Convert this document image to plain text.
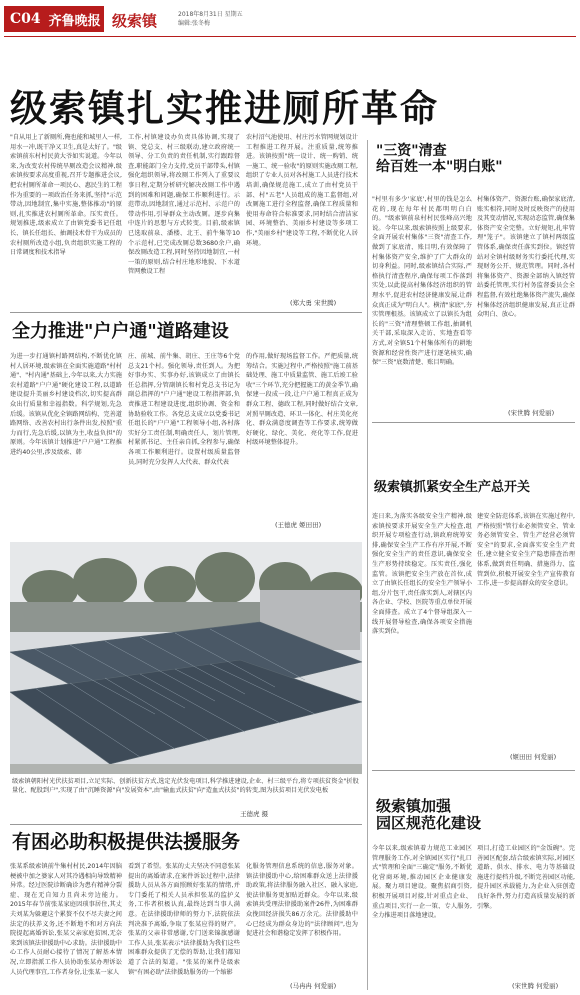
C04 齐鲁晚报 级索镇	2018年8月31日 星期五
编辑:张冬梅
级索镇扎实推进厕所革命
"自从用上了新厕所,俺也能和城里人一样,用水一冲,既干净又卫生,真是太好了。"级索镇前东村村民黄大爷如实说道。今年以来,为改变农村传统旱厕改造会议精神,级索镇按要求高度重视,召开专题推进会议,把农村厕所革命一项民心、惠民生的工程作为重要的一项政治任务来抓,坚持"示范带动,因地制宜,集中实施,整体推动"的原则,扎实推进农村厕所革命。压实责任。规划推进,级索成立了由镇党委书记任组长、镇长任组长、抽调技术骨干为成员的农村厕所改造小组,负责组织实施工程的日常调度和技术指导
工作,村镇建设办负责具体协调,实现了镇、党总支、村三级联动,建立政府统一领导、分工负责的责任机制,实行跟踪督查,职能部门全力支持,党员干部带头,村镇强化组织领导,将改厕工作列入了重要议事日程,定期分析研究解决改厕工作中遇到的困难和问题,确保工作顺利进行。示范带动,因地制宜,通过示范村、示范户的带动作用,引导群众主动改厕。逐步向集中连片的思想与方式转变。目前,级索镇已选取前泉、潘楼、北王、前牛集等10个示范村,已完成改厕总数3680余户,确保改厕改造工程,同时坚持因地制宜,一村一策的原则,结合村庄地形地貌、下水道管网敷设工程
农村沼气池使用、村庄污水管网规划设计工程推进工程开展。注重质量,统筹推进。该镇按照"统一设计、统一购销、统一施工、统一验收"的原则实施改厕工程,组织了专业人员对各村施工人员进行技术培训,确保规范施工,成立了由村党员干部、村"五老"人员组成的施工监督组,对改厕施工进行全程监督,确保工程质量和使用寿命符合标准要求,同时结合清洁家园、环境整治、美丽乡村建设等多项工作,"美丽乡村"建设等工程,不断优化人居环境。
(郑大勇 宋世腾)
全力推进"户户通"道路建设
为进一步打通镇村路网结构,不断优化镇村人居环境,级索镇在全面实施道路"村村通"、"村内通"基础上,今年以来,大力实施农村道路"户户通"硬化建设工程,以道路建设提升美丽乡村建设档次,切实提高群众出行质量和幸福指数。科学规划,先急后缓。该镇从优化全镇路网结构、完善道路网络、改善农村出行条件出发,按照"重力而行,先急后缓,以镇为主,收益负担"的原则。今年该镇计划推进"户户通"工程推进约40公里,涉及级索、韩
庄、前城、前牛集、胡庄、王庄等6个党总支21个村。强化领导,责任到人。为把好事办实、实事办好,该镇成立了由镇长任总指挥,分管副镇长和村党总支书记为副总指挥的"户户通"建设工程指挥部,负责推进工程建设进度,组织协调、资金和协助验收工作。各党总支成立以党委书记任组长的"户户通"工程领导小组,各村落实好分工责任制,明确责任人、划片管理,村紧抓书记、主任亲自抓,全程参与,确保各项工作顺利进行。设置村级质量监督员,同时充分发挥人大代表、群众代表
的作用,做好现场监督工作。严把质量,统筹结合。实施过程中,严格按照"施工前基础处理、施工中质量监管、施工后竣工验收"三个环节,充分把握施工的黄金季节,确保建一段成一段,让户户通工程真正成为群众工程、德政工程,同时做好结合文章,对照旱厕改造、环卫一体化、村庄美化亮化、群众满意度调查等工作要求,统筹做好硬化、绿化、美化、亮化等工作,促进村级环境整体提升。
(王德虎 姬田田)
级索镇朝阳村光伏扶贫项目,立足实际、创新扶贫方式,选定光伏发电项目,科学推进建设,企业、村三级平台,将专项扶贫资金"折股量化、配股到户",实现了由"沉睡资源"向"发展资本",由"输血式扶贫"向"造血式扶贫"的转变,图为扶贫项目光伏发电板
王德虎 摄
有困必助积极提供法援服务
张某系级索镇前牛集村村民,2014年因脑梗被中加之婆家人对其冷遇相向导致精神异常。经过医院诊断确诊为患有精神分裂症、现在无自知力且尚未旁边能力。2015年春节前张某家庭因琐事居住,其丈夫刘某为躲避这个累赘不仅不尽夫妻之间法定的扶养义务,还不断地不和对方向法院提起离婚诉讼,张某父亲家庭贫困,无奈来到该镇法律援助中心求助。法律援助中心工作人员耐心接待了情况了解基本情况,立即指派工作人员协助张某办理诉讼人员代理事宜,工作者身份,让张某一家人
看到了希望。张某的丈夫坚决不同意张某提出的离婚请求,在案件诉讼过程中,法律援助人员从各方面照顾好张某的情绪,并专门委托了相关人员承担张某的监护义务,工作者积极认真,最终达到当事人满意。在法律援助律师的努力下,法院依法判决准予离婚,争取了张某应得的财产。张某的父亲非常感谢,专门送来锦旗感谢工作人员,张某表示"法律援助为我们这些困难群众提供了无偿的帮助,让我们都知道了合法的渠道。"张某的案件是级索镇"有困必助"法律援助服务的一个缩影
化服务管理信息系统的信息,服务对象。镇法律援助中心,给困难群众送上法律援助政策,将法律服务融入社区、融入家庭,使法律服务更加贴近群众。今年以来,级索镇共受理法律援助案件26件,为困难群众挽回经济损失86万余元。法律援助中心已经成为群众身边的"法律顾问",也为促进社会和谐稳定发挥了积极作用。
(马冉冉 何爱丽)
"三资"清查
给百姓一本"明白账"
"村里有多少'家底',村里的钱是怎么花的,现在每年村民都明明白白的。"级索镇前泉村村民张峰高兴地说。今年以来,级索镇按照上级要求,全面开展农村集体"三资"清查工作,做到了家底清、账目明,有效保障了村集体资产安全,维护了广大群众的切身利益。同时,级索镇结合实际,严格执行清查程序,确保每项工作落到实处,以此提高村集体经济组织的管理水平,促进农村经济健康发展,让群众真正成为"明白人"。横清"家底",夯实管理根基。该镇成立了以镇长为组长的"三资"清理整顿工作组,抽调机关干部,采取深入走访、实地查看等方式,对全镇51个村集体所有的耕地资源和经营性资产进行逐笔核实,确保"三资"底数清楚、账目明确。
村集体资产、资源台账,确保家底清,账实相符,同时及时反映资产的使用及其变动情况,实现动态监管,确保集体资产安全完整。立好规矩,扎牢管理"笼子"。该镇建立了镇村两级监管体系,确保责任落实到位。镇经管站对全镇村级财务实行委托代理,实现财务公开、规范管理。同时,各村将集体资产、资源全部纳入镇经管站委托管理,实行村务监督委员会全程监督,有效杜绝集体资产流失,确保村集体经济组织健康发展,真正让群众明白、放心。
(宋世腾 何爱丽)
级索镇抓紧安全生产总开关
连日来,为落实各级安全生产精神,级索镇按要求开展安全生产大检查,组织开展专项检查行动,镇政府统筹安排,确保安全生产工作有序开展,不断强化安全生产的责任意识,确保安全生产形势持续稳定。压实责任,强化监管。该镇把安全生产放在首位,成立了由镇长任组长的安全生产领导小组,分片包干,责任落实到人,对辖区内各企业、学校、医院等重点单位开展全面排查。成立了4个督导组深入一线开展督导检查,确保各项安全措施落实到位。
建安全防范体系,该镇在实施过程中,严格按照"管行业必须管安全、管业务必须管安全、管生产经营必须管安全"的要求,全面落实安全生产责任,建立健全安全生产隐患排查治理体系,做到责任明确、措施得力、监管到位,积极开展安全生产宣传教育工作,进一步提高群众的安全意识。
(姬田田 何爱丽)
级索镇加强
园区规范化建设
今年以来,级索镇着力规范工业园区管理服务工作,对全镇园区实行"扎口式"管理和全面"三确定"服务,不断优化营商环境,推动园区企业健康发展。聚力项目建设。聚焦招商引资,积极开展项目对接,针对重点企业、重点项目,实行一企一策、专人服务,全力推进项目落地建设。
项目,打造工业园区的"金饭碗"。完善园区配套,结合级索镇实际,对园区道路、供水、排水、电力等基础设施进行提档升级,不断完善园区功能,提升园区承载能力,为企业入驻创造良好条件,努力打造高质量发展的新引擎。
(宋世腾 何爱丽)
